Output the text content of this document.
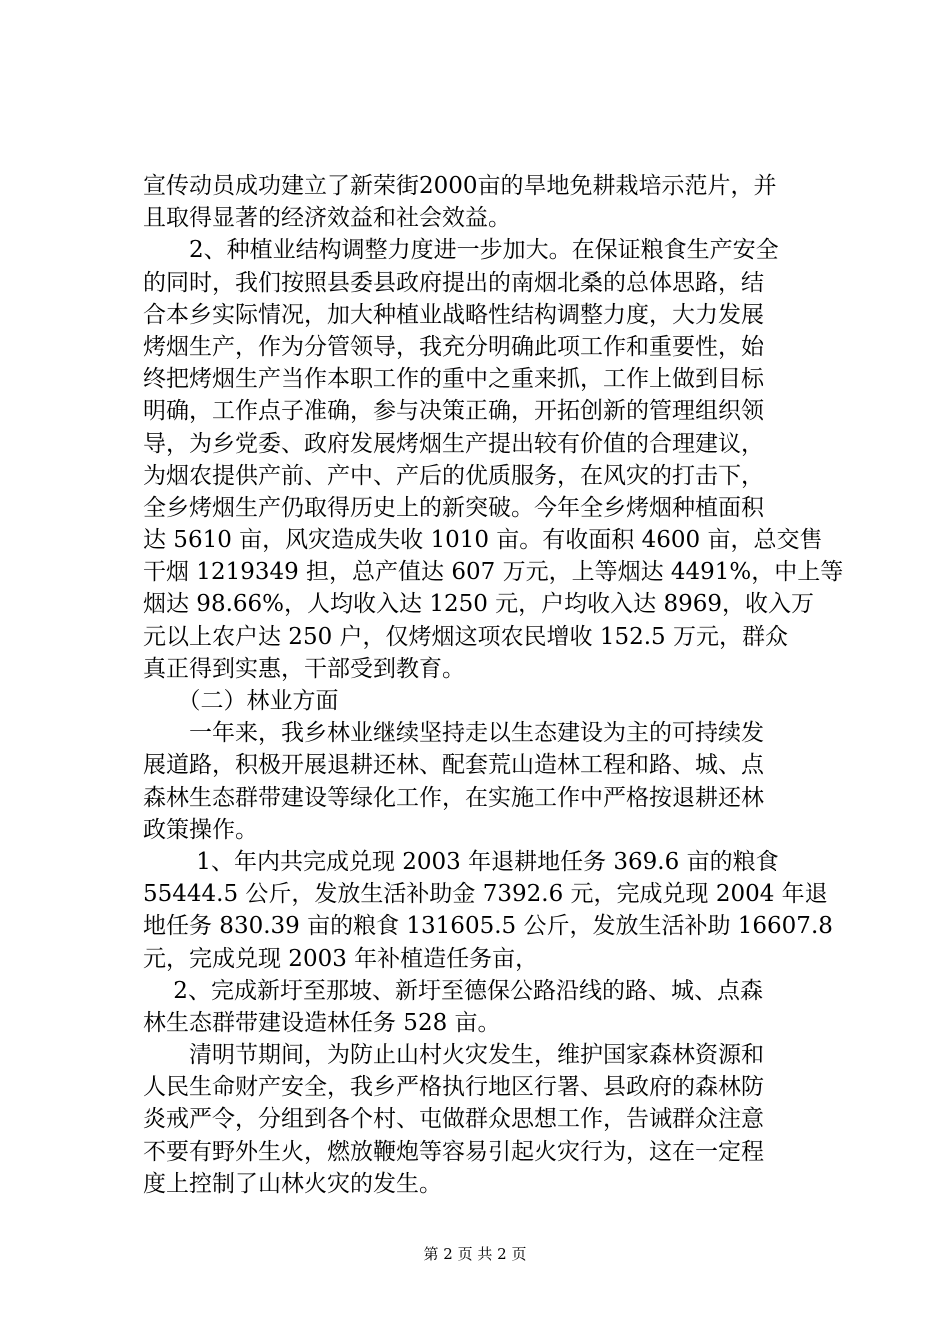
宣传动员成功建立了新荣街2000亩的旱地免耕栽培示范片，并
且取得显著的经济效益和社会效益。
　　2、种植业结构调整力度进一步加大。在保证粮食生产安全
的同时，我们按照县委县政府提出的南烟北桑的总体思路，结
合本乡实际情况，加大种植业战略性结构调整力度，大力发展
烤烟生产，作为分管领导，我充分明确此项工作和重要性，始
终把烤烟生产当作本职工作的重中之重来抓，工作上做到目标
明确，工作点子准确，参与决策正确，开拓创新的管理组织领
导，为乡党委、政府发展烤烟生产提出较有价值的合理建议，
为烟农提供产前、产中、产后的优质服务，在风灾的打击下，
全乡烤烟生产仍取得历史上的新突破。今年全乡烤烟种植面积
达 5610 亩，风灾造成失收 1010 亩。有收面积 4600 亩，总交售
干烟 1219349 担，总产值达 607 万元，上等烟达 4491%，中上等
烟达 98.66%，人均收入达 1250 元，户均收入达 8969，收入万
元以上农户达 250 户，仅烤烟这项农民增收 152.5 万元，群众
真正得到实惠，干部受到教育。
　　（二）林业方面
　　一年来，我乡林业继续坚持走以生态建设为主的可持续发
展道路，积极开展退耕还林、配套荒山造林工程和路、城、点
森林生态群带建设等绿化工作，在实施工作中严格按退耕还林
政策操作。
　　 1、年内共完成兑现 2003 年退耕地任务 369.6 亩的粮食
55444.5 公斤，发放生活补助金 7392.6 元，完成兑现 2004 年退
地任务 830.39 亩的粮食 131605.5 公斤，发放生活补助 16607.8
元，完成兑现 2003 年补植造任务亩，
　 2、完成新圩至那坡、新圩至德保公路沿线的路、城、点森
林生态群带建设造林任务 528 亩。
　　清明节期间，为防止山村火灾发生，维护国家森林资源和
人民生命财产安全，我乡严格执行地区行署、县政府的森林防
炎戒严令，分组到各个村、屯做群众思想工作，告诫群众注意
不要有野外生火，燃放鞭炮等容易引起火灾行为，这在一定程
度上控制了山林火灾的发生。
第 2 页 共 2 页
